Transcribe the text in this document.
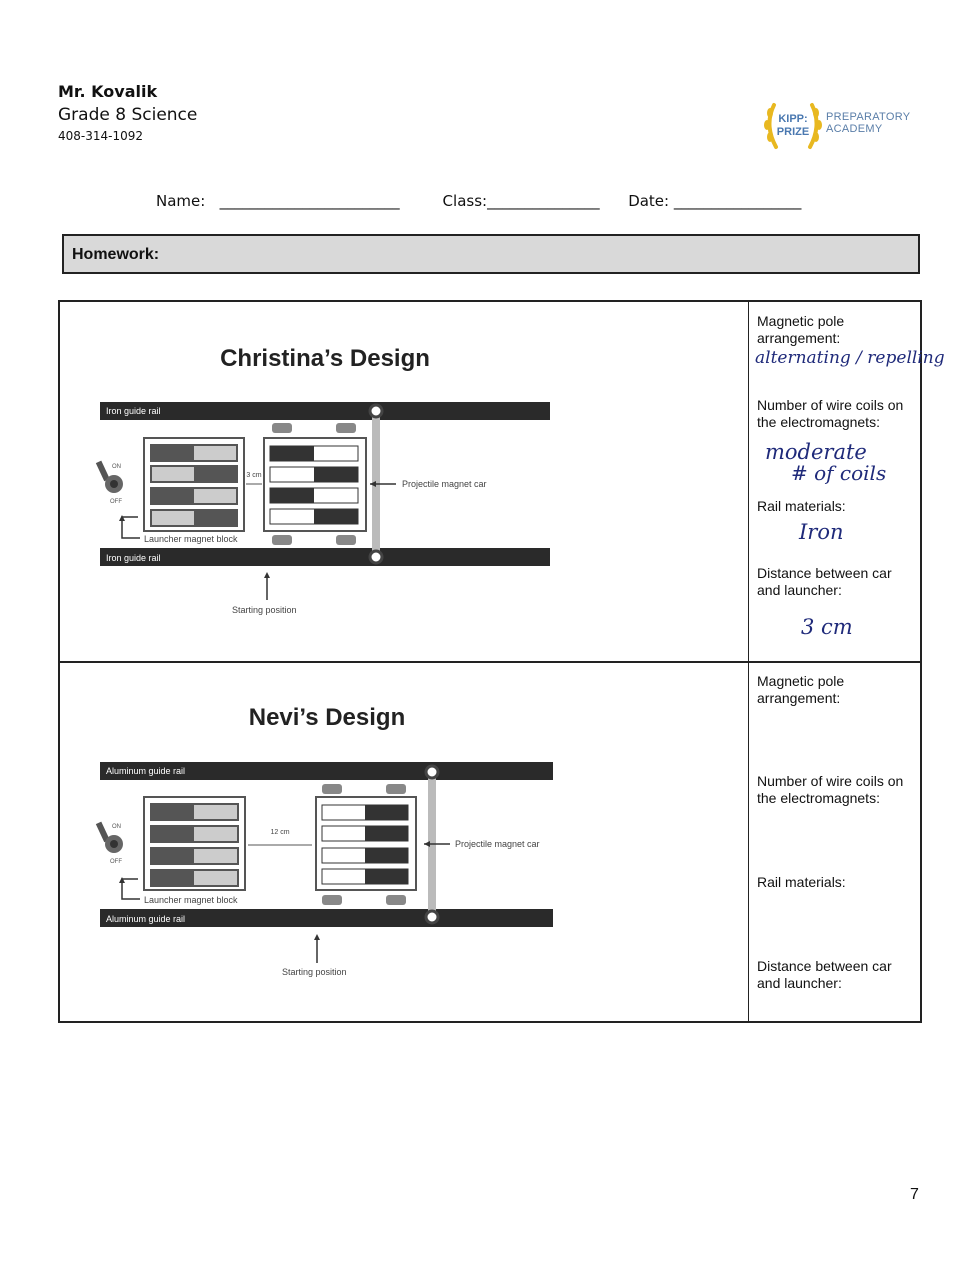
Mr. Kovalik
Grade 8 Science
408-314-1092
KIPP:
PRIZE
PREPARATORY
ACADEMY
Name: ________________________	Class:_______________ Date: _________________
Homework:
Christina’s Design
Iron guide rail
Iron guide rail
3 cm
Projectile magnet car
ON
OFF
Launcher magnet block
Starting position
Magnetic pole arrangement:
alternating / repelling
Number of wire coils on the electromagnets:
moderate
# of coils
Rail materials:
Iron
Distance between car and launcher:
3 cm
Nevi’s Design
Aluminum guide rail
Aluminum guide rail
12 cm
Projectile magnet car
ON
OFF
Launcher magnet block
Starting position
Magnetic pole arrangement:
Number of wire coils on the electromagnets:
Rail materials:
Distance between car and launcher:
7
